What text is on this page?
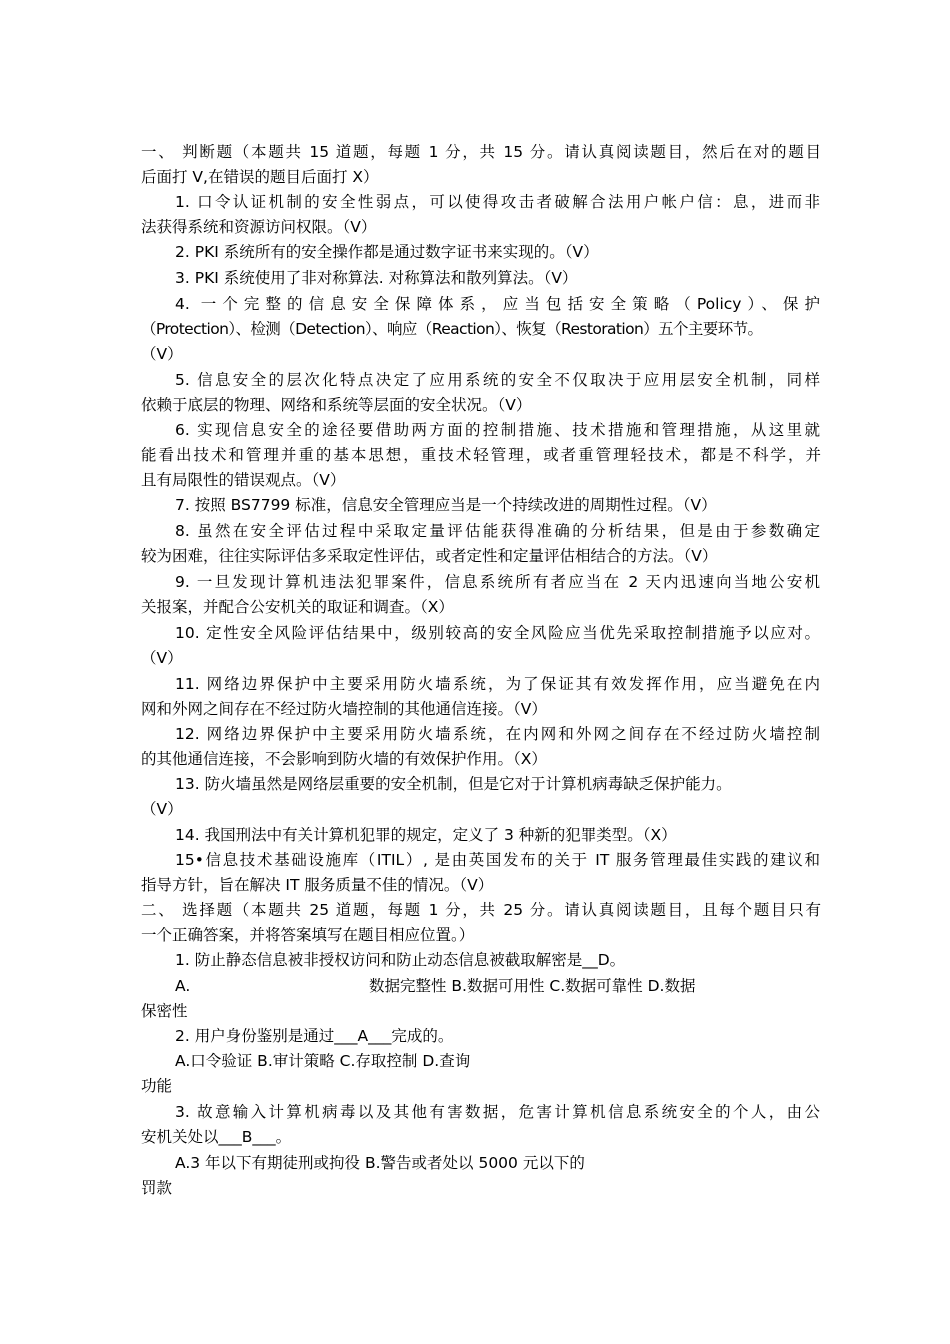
一、 判断题（本题共 15 道题，每题 1 分，共 15 分。请认真阅读题目，然后在对的题目
后面打 V,在错误的题目后面打 X）
1. 口令认证机制的安全性弱点，可以使得攻击者破解合法用户帐户信：息，进而非
法获得系统和资源访问权限。（V）
2. PKI 系统所有的安全操作都是通过数字证书来实现的。（V）
3. PKI 系统使用了非对称算法. 对称算法和散列算法。（V）
4. 一个完整的信息安全保障体系，应当包括安全策略（Policy）、保护
（Protection）、检测（Detection）、响应（Reaction）、恢复（Restoration）五个主要环节。
（V）
5. 信息安全的层次化特点决定了应用系统的安全不仅取决于应用层安全机制，同样
依赖于底层的物理、网络和系统等层面的安全状况。（V）
6. 实现信息安全的途径要借助两方面的控制措施、技术措施和管理措施，从这里就
能看出技术和管理并重的基本思想，重技术轻管理，或者重管理轻技术，都是不科学，并
且有局限性的错误观点。（V）
7. 按照 BS7799 标准，信息安全管理应当是一个持续改进的周期性过程。（V）
8. 虽然在安全评估过程中采取定量评估能获得准确的分析结果，但是由于参数确定
较为困难，往往实际评估多采取定性评估，或者定性和定量评估相结合的方法。（V）
9. 一旦发现计算机违法犯罪案件，信息系统所有者应当在 2 天内迅速向当地公安机
关报案，并配合公安机关的取证和调查。（X）
10. 定性安全风险评估结果中，级别较高的安全风险应当优先采取控制措施予以应对。
（V）
11. 网络边界保护中主要采用防火墙系统，为了保证其有效发挥作用，应当避免在内
网和外网之间存在不经过防火墙控制的其他通信连接。（V）
12. 网络边界保护中主要采用防火墙系统，在内网和外网之间存在不经过防火墙控制
的其他通信连接，不会影响到防火墙的有效保护作用。（X）
13. 防火墙虽然是网络层重要的安全机制，但是它对于计算机病毒缺乏保护能力。
（V）
14. 我国刑法中有关计算机犯罪的规定，定义了 3 种新的犯罪类型。（X）
15•信息技术基础设施库（ITIL）, 是由英国发布的关于 IT 服务管理最佳实践的建议和
指导方针，旨在解决 IT 服务质量不佳的情况。（V）
二、 选择题（本题共 25 道题，每题 1 分，共 25 分。请认真阅读题目，且每个题目只有
一个正确答案，并将答案填写在题目相应位置。）
1. 防止静态信息被非授权访问和防止动态信息被截取解密是__D。
A.	数据完整性 B.数据可用性 C.数据可靠性 D.数据
保密性
2. 用户身份鉴别是通过___A___完成的。
A.口令验证 B.审计策略 C.存取控制 D.查询
功能
3. 故意输入计算机病毒以及其他有害数据，危害计算机信息系统安全的个人，由公
安机关处以___B___。
A.3 年以下有期徒刑或拘役 B.警告或者处以 5000 元以下的
罚款
